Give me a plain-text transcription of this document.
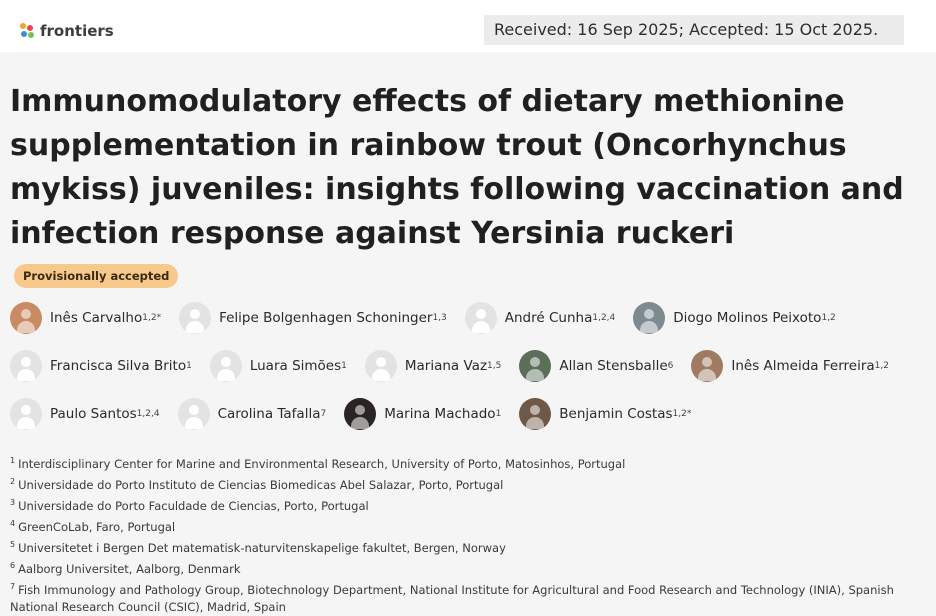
frontiers	Received: 16 Sep 2025; Accepted: 15 Oct 2025.
Immunomodulatory effects of dietary methionine supplementation in rainbow trout (Oncorhynchus mykiss) juveniles: insights following vaccination and infection response against Yersinia ruckeri Provisionally accepted
Inês Carvalho 1,2*	Felipe Bolgenhagen Schoninger 1,3	André Cunha 1,2,4	Diogo Molinos Peixoto 1,2
Francisca Silva Brito 1	Luara Simões 1	Mariana Vaz 1,5	Allan Stensballe 6	Inês Almeida Ferreira 1,2
Paulo Santos 1,2,4	Carolina Tafalla 7	Marina Machado 1	Benjamin Costas 1,2*
$^1$ Interdisciplinary Center for Marine and Environmental Research, University of Porto, Matosinhos, Portugal
$^2$ Universidade do Porto Instituto de Ciencias Biomedicas Abel Salazar, Porto, Portugal
$^3$ Universidade do Porto Faculdade de Ciencias, Porto, Portugal
$^4$ GreenCoLab, Faro, Portugal
$^5$ Universitetet i Bergen Det matematisk-naturvitenskapelige fakultet, Bergen, Norway
$^6$ Aalborg Universitet, Aalborg, Denmark
$^7$ Fish Immunology and Pathology Group, Biotechnology Department, National Institute for Agricultural and Food Research and Technology (INIA), Spanish National Research Council (CSIC), Madrid, Spain
